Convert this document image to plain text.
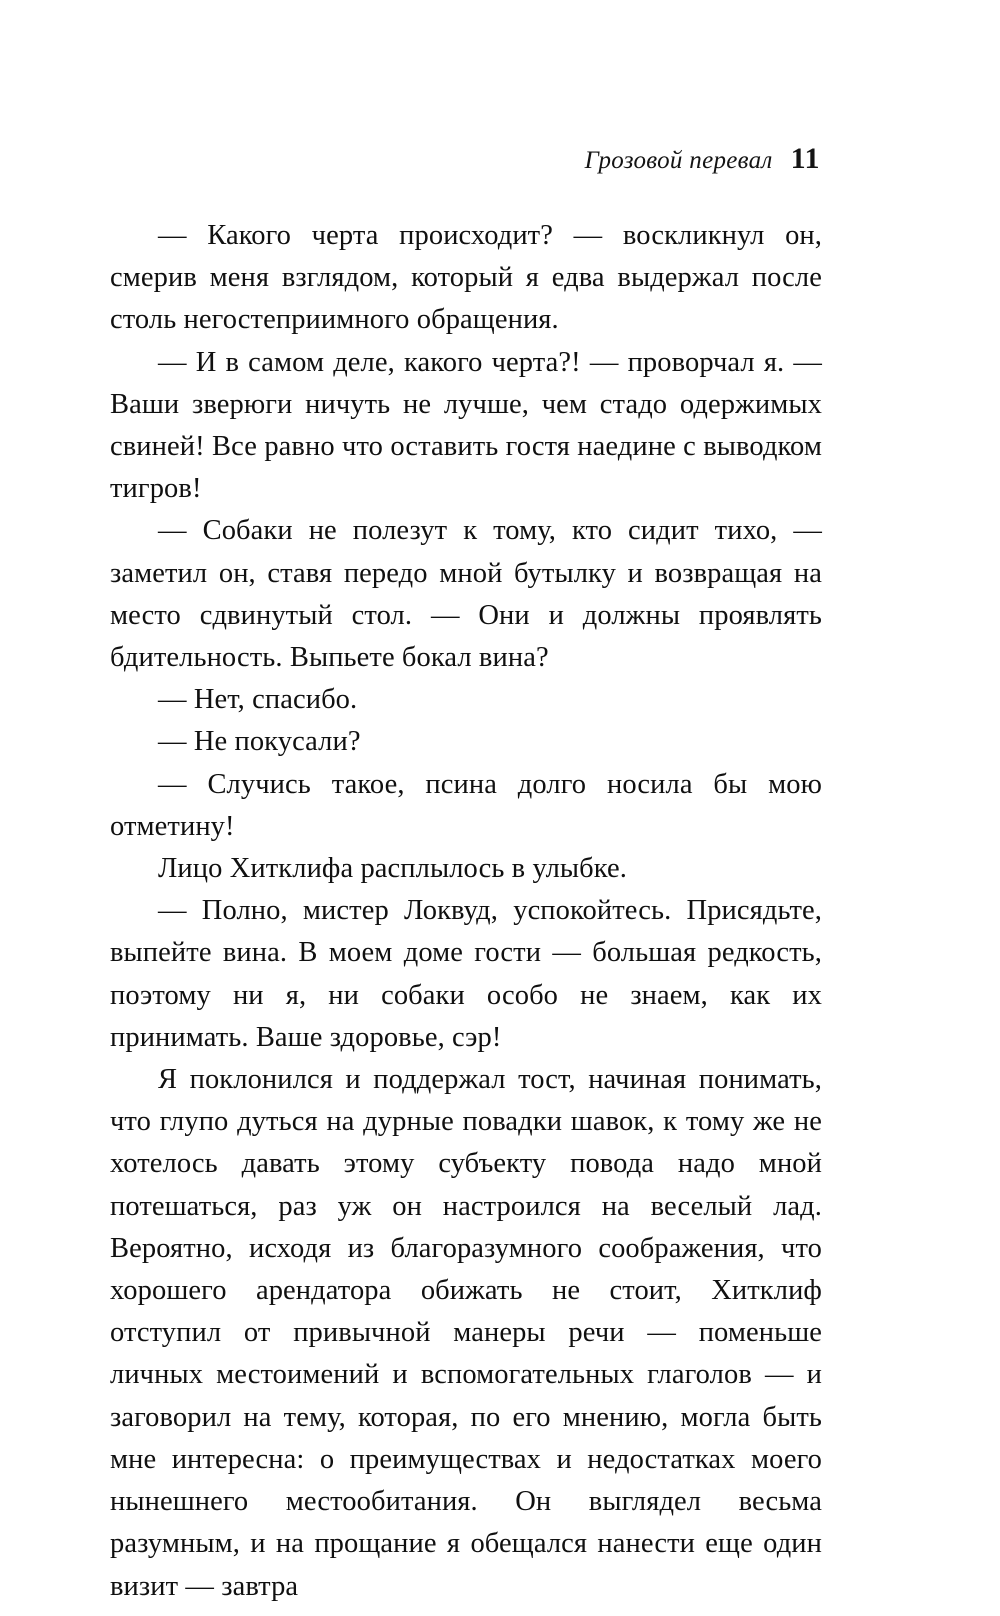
Грозовой перевал 11

— Какого черта происходит? — воскликнул он, смерив меня взглядом, который я едва выдержал после столь негостеприимного обращения.

— И в самом деле, какого черта?! — проворчал я. — Ваши зверюги ничуть не лучше, чем стадо одержимых свиней! Все равно что оставить гостя наедине с выводком тигров!

— Собаки не полезут к тому, кто сидит тихо, — заметил он, ставя передо мной бутылку и возвращая на место сдвинутый стол. — Они и должны проявлять бдительность. Выпьете бокал вина?

— Нет, спасибо.

— Не покусали?

— Случись такое, псина долго носила бы мою отметину!

Лицо Хитклифа расплылось в улыбке.

— Полно, мистер Локвуд, успокойтесь. Присядьте, выпейте вина. В моем доме гости — большая редкость, поэтому ни я, ни собаки особо не знаем, как их принимать. Ваше здоровье, сэр!

Я поклонился и поддержал тост, начиная понимать, что глупо дуться на дурные повадки шавок, к тому же не хотелось давать этому субъекту повода надо мной потешаться, раз уж он настроился на веселый лад. Вероятно, исходя из благоразумного соображения, что хорошего арендатора обижать не стоит, Хитклиф отступил от привычной манеры речи — поменьше личных местоимений и вспомогательных глаголов — и заговорил на тему, которая, по его мнению, могла быть мне интересна: о преимуществах и недостатках моего нынешнего местообитания. Он выглядел весьма разумным, и на прощание я обещался нанести еще один визит — завтра
